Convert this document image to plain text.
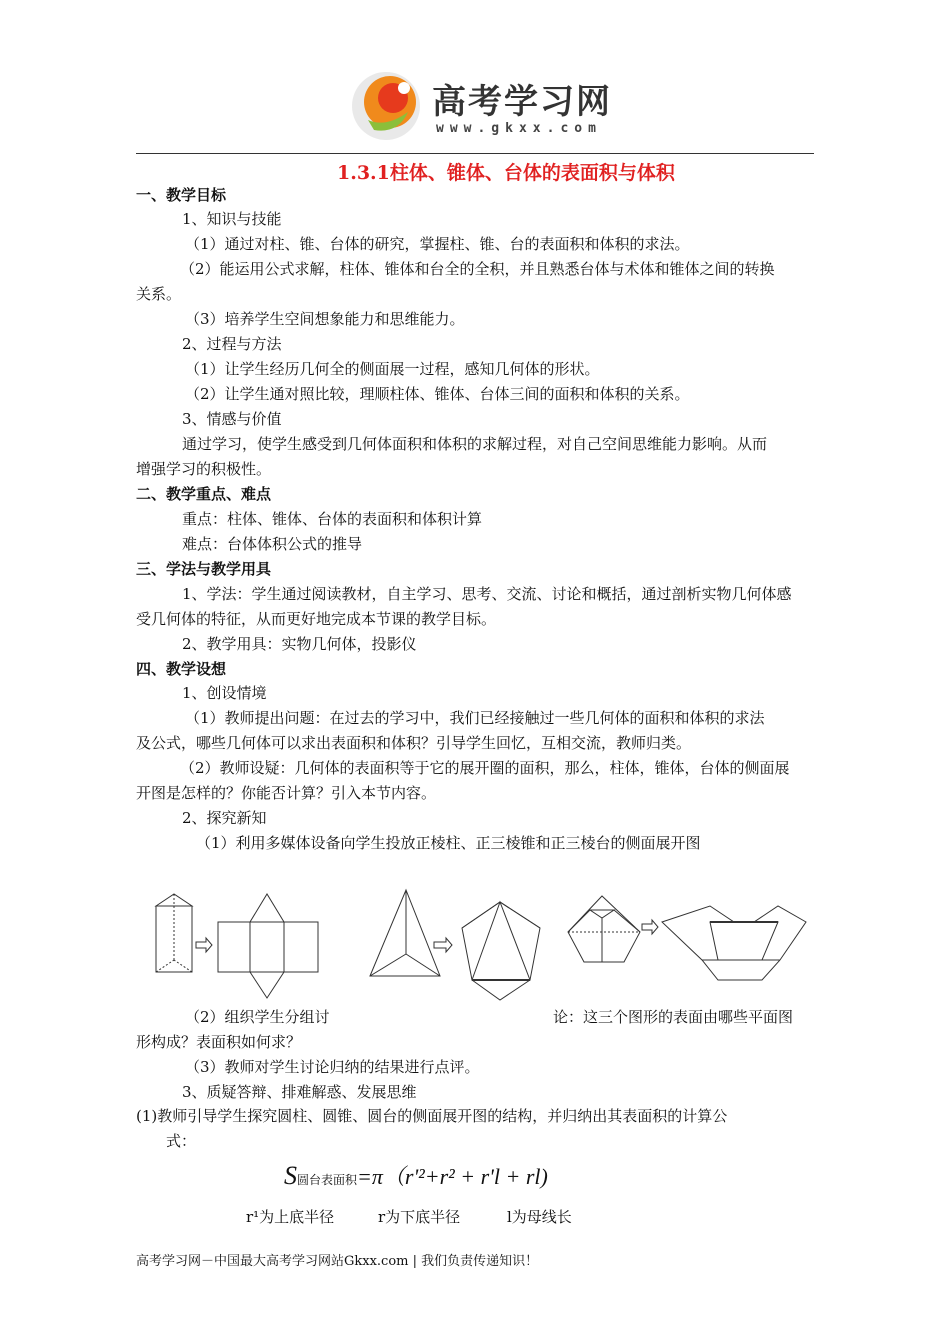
高考学习网
www.gkxx.com
1.3.1柱体、锥体、台体的表面积与体积
一、教学目标
1、知识与技能
（1）通过对柱、锥、台体的研究，掌握柱、锥、台的表面积和体积的求法。
（2）能运用公式求解，柱体、锥体和台全的全积，并且熟悉台体与术体和锥体之间的转换
关系。
（3）培养学生空间想象能力和思维能力。
2、过程与方法
（1）让学生经历几何全的侧面展一过程，感知几何体的形状。
（2）让学生通对照比较，理顺柱体、锥体、台体三间的面积和体积的关系。
3、情感与价值
通过学习，使学生感受到几何体面积和体积的求解过程，对自己空间思维能力影响。从而
增强学习的积极性。
二、教学重点、难点
重点：柱体、锥体、台体的表面积和体积计算
难点：台体体积公式的推导
三、学法与教学用具
1、学法：学生通过阅读教材，自主学习、思考、交流、讨论和概括，通过剖析实物几何体感
受几何体的特征，从而更好地完成本节课的教学目标。
2、教学用具：实物几何体，投影仪
四、教学设想
1、创设情境
（1）教师提出问题：在过去的学习中，我们已经接触过一些几何体的面积和体积的求法
及公式，哪些几何体可以求出表面积和体积？引导学生回忆，互相交流，教师归类。
（2）教师设疑：几何体的表面积等于它的展开圈的面积，那么，柱体，锥体，台体的侧面展
开图是怎样的？你能否计算？引入本节内容。
2、探究新知
（1）利用多媒体设备向学生投放正棱柱、正三棱锥和正三棱台的侧面展开图
（2）组织学生分组讨	论：这三个图形的表面由哪些平面图
形构成？表面积如何求？
（3）教师对学生讨论归纳的结果进行点评。
3、质疑答辩、排难解惑、发展思维
(1)教师引导学生探究圆柱、圆锥、圆台的侧面展开图的结构，并归纳出其表面积的计算公
式：
S圆台表面积=π（r'²+r² + r'l + rl)
r¹为上底半径	r为下底半径	l为母线长
高考学习网－中国最大高考学习网站Gkxx.com | 我们负责传递知识！
